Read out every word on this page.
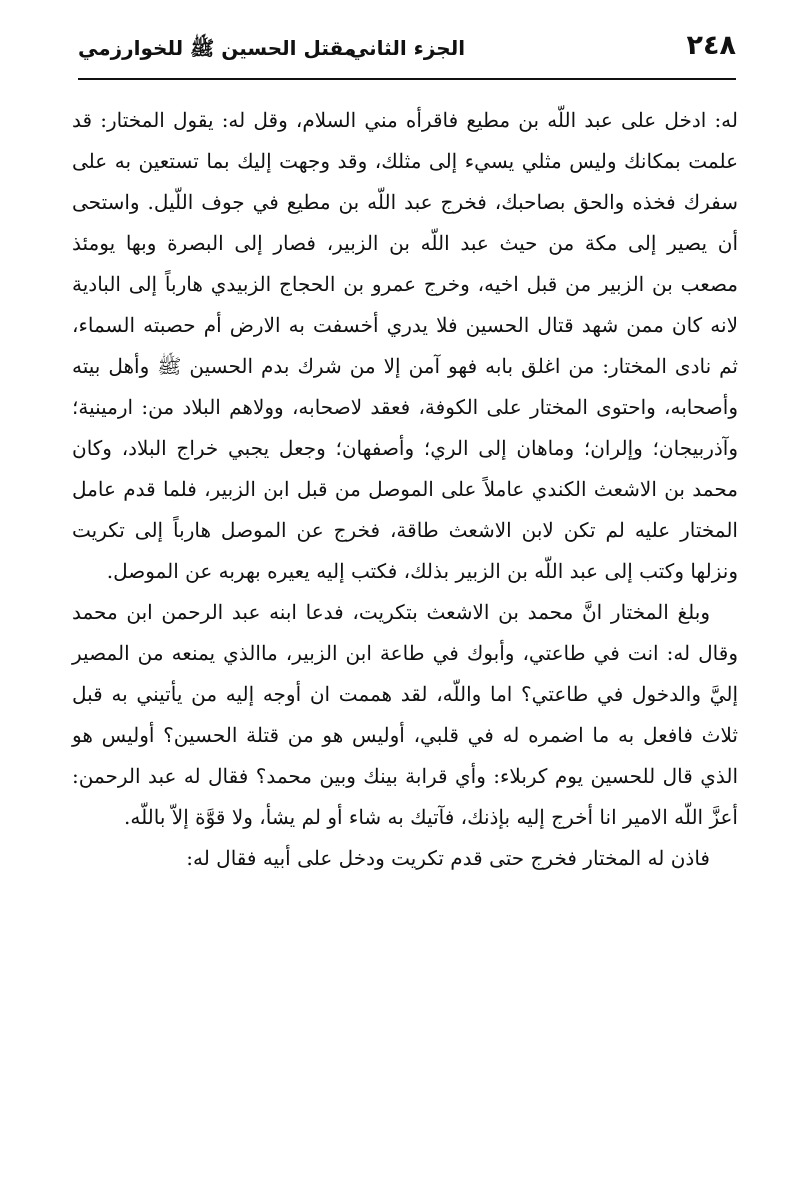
٢٤٨
الجزء الثاني
مقتل الحسين ﷺ للخوارزمي

له: ادخل على عبد اللّه بن مطيع فاقرأه مني السلام، وقل له: يقول المختار: قد علمت بمكانك وليس مثلي يسيء إلى مثلك، وقد وجهت إليك بما تستعين به على سفرك فخذه والحق بصاحبك، فخرج عبد اللّه بن مطيع في جوف اللّيل. واستحى أن يصير إلى مكة من حيث عبد اللّه بن الزبير، فصار إلى البصرة وبها يومئذ مصعب بن الزبير من قبل اخيه، وخرج عمرو بن الحجاج الزبيدي هارباً إلى البادية لانه كان ممن شهد قتال الحسين فلا يدري أخسفت به الارض أم حصبته السماء، ثم نادى المختار: من اغلق بابه فهو آمن إلا من شرك بدم الحسين ﷺ وأهل بيته وأصحابه، واحتوى المختار على الكوفة، فعقد لاصحابه، وولاهم البلاد من: ارمينية؛ وآذربيجان؛ وإلران؛ وماهان إلى الري؛ وأصفهان؛ وجعل يجبي خراج البلاد، وكان محمد بن الاشعث الكندي عاملاً على الموصل من قبل ابن الزبير، فلما قدم عامل المختار عليه لم تكن لابن الاشعث طاقة، فخرج عن الموصل هارباً إلى تكريت ونزلها وكتب إلى عبد اللّه بن الزبير بذلك، فكتب إليه يعيره بهربه عن الموصل.

وبلغ المختار انَّ محمد بن الاشعث بتكريت، فدعا ابنه عبد الرحمن ابن محمد وقال له: انت في طاعتي، وأبوك في طاعة ابن الزبير، ماالذي يمنعه من المصير إليَّ والدخول في طاعتي؟ اما واللّه، لقد هممت ان أوجه إليه من يأتيني به قبل ثلاث فافعل به ما اضمره له في قلبي، أوليس هو من قتلة الحسين؟ أوليس هو الذي قال للحسين يوم كربلاء: وأي قرابة بينك وبين محمد؟ فقال له عبد الرحمن: أعزَّ اللّه الامير انا أخرج إليه بإذنك، فآتيك به شاء أو لم يشأ، ولا قوَّة إلاّ باللّه.

فاذن له المختار فخرج حتى قدم تكريت ودخل على أبيه فقال له:
